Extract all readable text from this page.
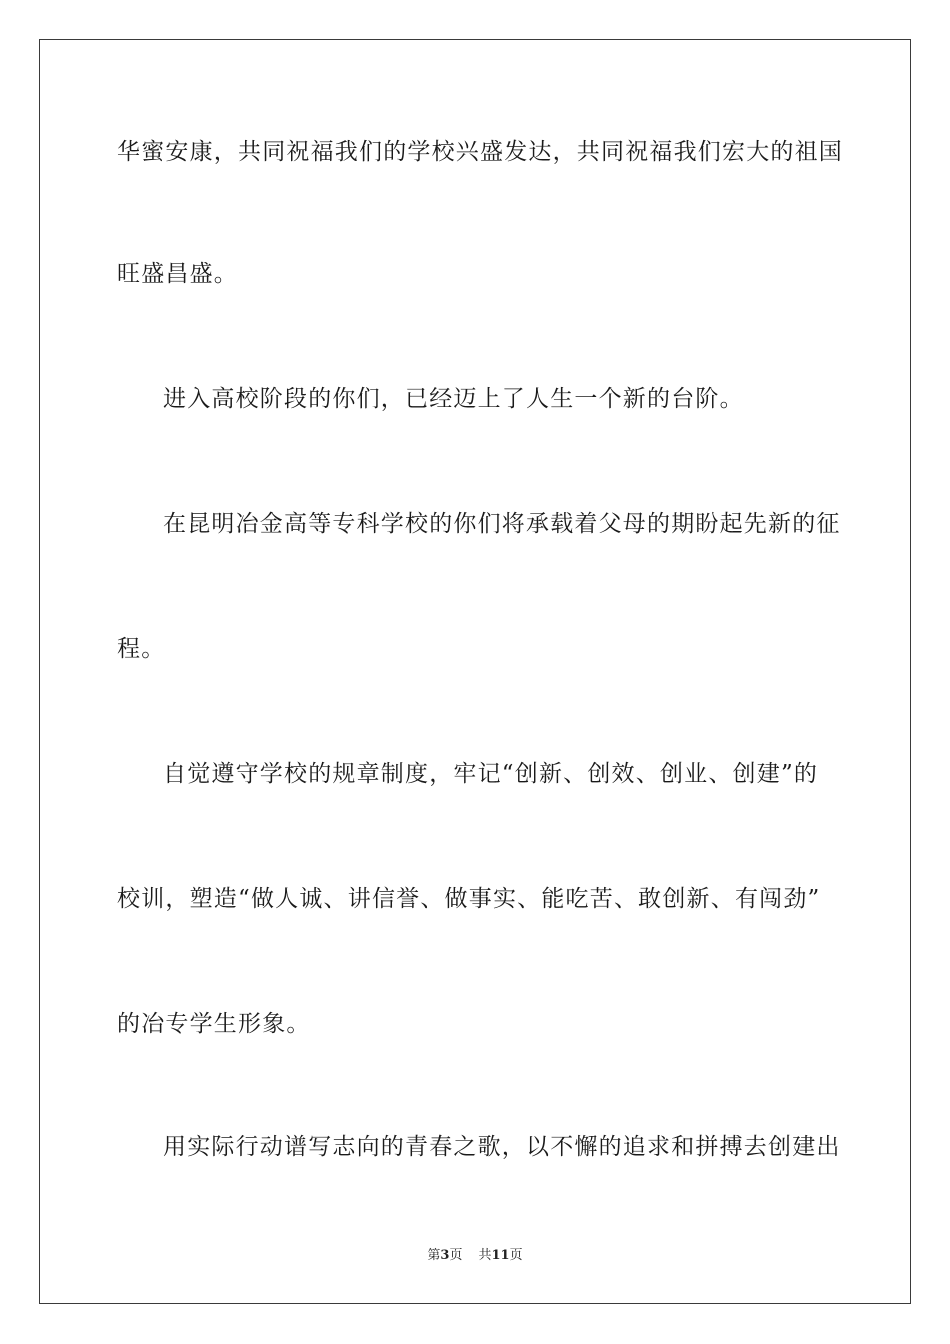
华蜜安康，共同祝福我们的学校兴盛发达，共同祝福我们宏大的祖国
旺盛昌盛。
进入高校阶段的你们，已经迈上了人生一个新的台阶。
在昆明冶金高等专科学校的你们将承载着父母的期盼起先新的征
程。
自觉遵守学校的规章制度，牢记“创新、创效、创业、创建”的
校训，塑造“做人诚、讲信誉、做事实、能吃苦、敢创新、有闯劲”
的冶专学生形象。
用实际行动谱写志向的青春之歌，以不懈的追求和拼搏去创建出
第3页 共11页
